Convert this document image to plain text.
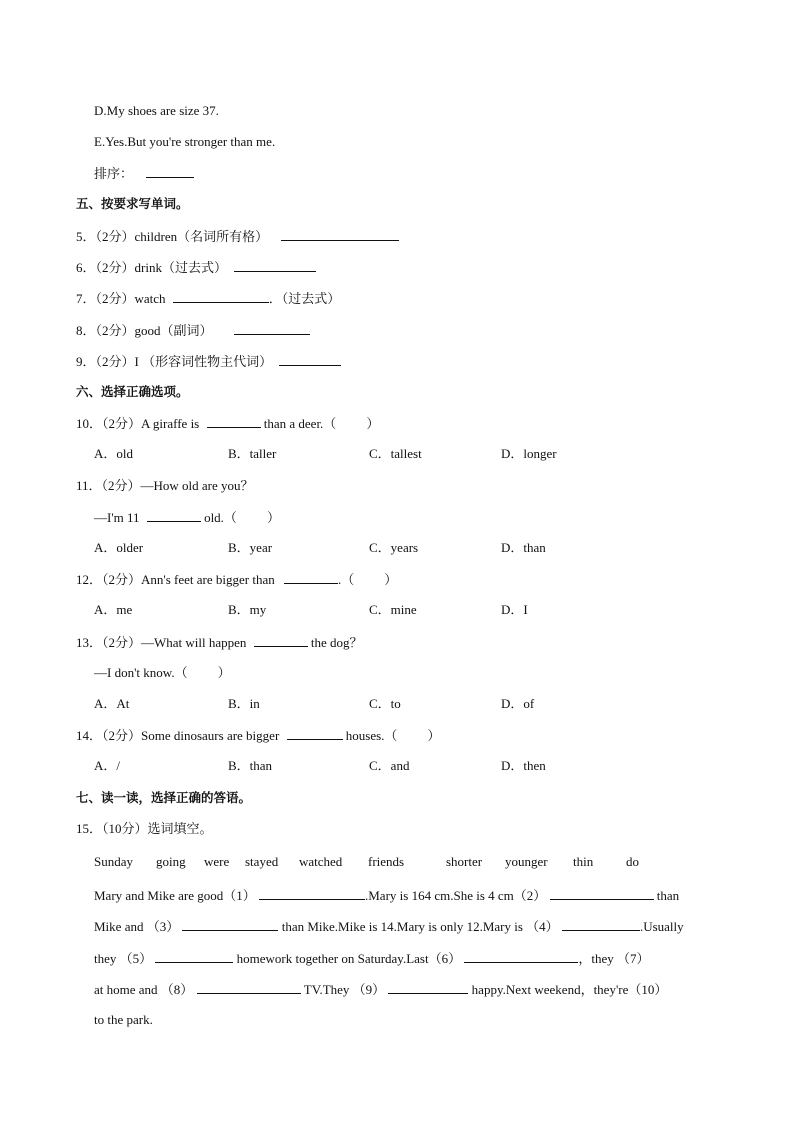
D.My shoes are size 37.
E.Yes.But you're stronger than me.
排序：
五、按要求写单词。
5．（2分）children（名词所有格）
6．（2分）drink（过去式）
7．（2分）watch	．（过去式）
8．（2分）good（副词）
9．（2分）I （形容词性物主代词）
六、选择正确选项。
10．（2分）A giraffe is	than a deer.（ ）
A．old	B．taller	C．tallest	D．longer
11．（2分）—How old are you？
—I'm 11	old.（ ）
A．older	B．year	C．years	D．than
12．（2分）Ann's feet are bigger than	.（ ）
A．me	B．my	C．mine	D．I
13．（2分）—What will happen	the dog？
—I don't know.（ ）
A．At	B．in	C．to	D．of
14．（2分）Some dinosaurs are bigger	houses.（ ）
A．/	B．than	C．and	D．then
七、读一读，选择正确的答语。
15．（10分）选词填空。
Sunday going were stayed watched friends	shorter younger thin	do
Mary and Mike are good（1）	.Mary is 164 cm.She is 4 cm（2）	than
Mike and （3）	than Mike.Mike is 14.Mary is only 12.Mary is （4）	.Usually
they （5）	homework together on Saturday.Last（6）	，they （7）
at home and （8）	TV.They （9）	happy.Next weekend，they're（10）
to the park.
